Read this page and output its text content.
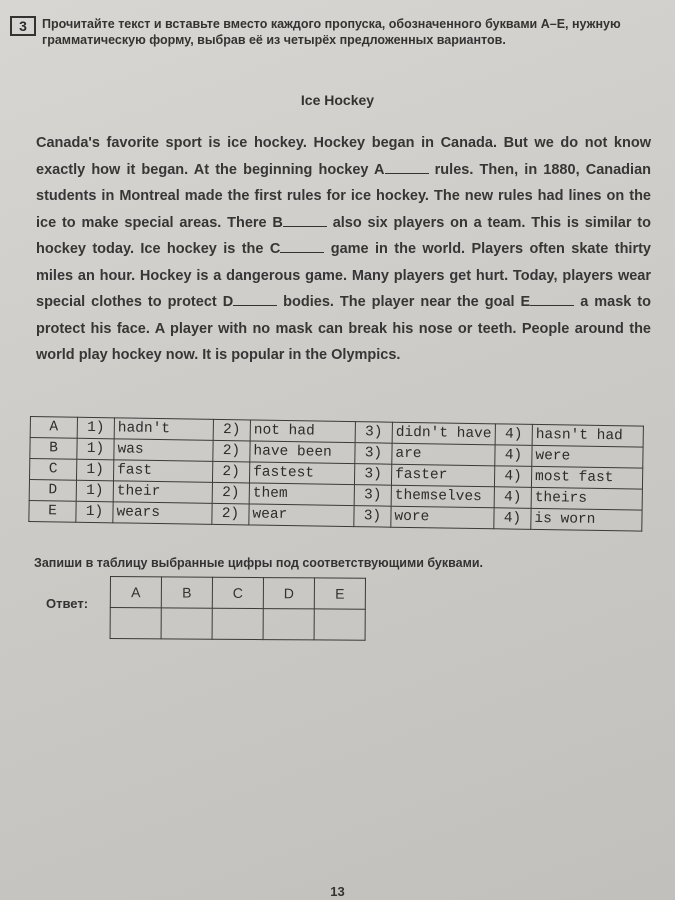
3	Прочитайте текст и вставьте вместо каждого пропуска, обозначенного буквами A–E, нужную грамматическую форму, выбрав её из четырёх предложенных вариантов.
Ice Hockey
Canada's favorite sport is ice hockey. Hockey began in Canada. But we do not know exactly how it began. At the beginning hockey A	rules. Then, in 1880, Canadian students in Montreal made the first rules for ice hockey. The new rules had lines on the ice to make special areas. There B	also six players on a team. This is similar to hockey today. Ice hockey is the C	game in the world. Players often skate thirty miles an hour. Hockey is a dangerous game. Many players get hurt. Today, players wear special clothes to protect D	bodies. The player near the goal E	a mask to protect his face. A player with no mask can break his nose or teeth. People around the world play hockey now. It is popular in the Olympics.
A	1)	hadn't	2)	not had	3)	didn't have	4)	hasn't had
B	1)	was	2)	have been	3)	are	4)	were
C	1)	fast	2)	fastest	3)	faster	4)	most fast
D	1)	their	2)	them	3)	themselves	4)	theirs
E	1)	wears	2)	wear	3)	wore	4)	is worn
Запиши в таблицу выбранные цифры под соответствующими буквами.
Ответ:
A	B	C	D	E

13
